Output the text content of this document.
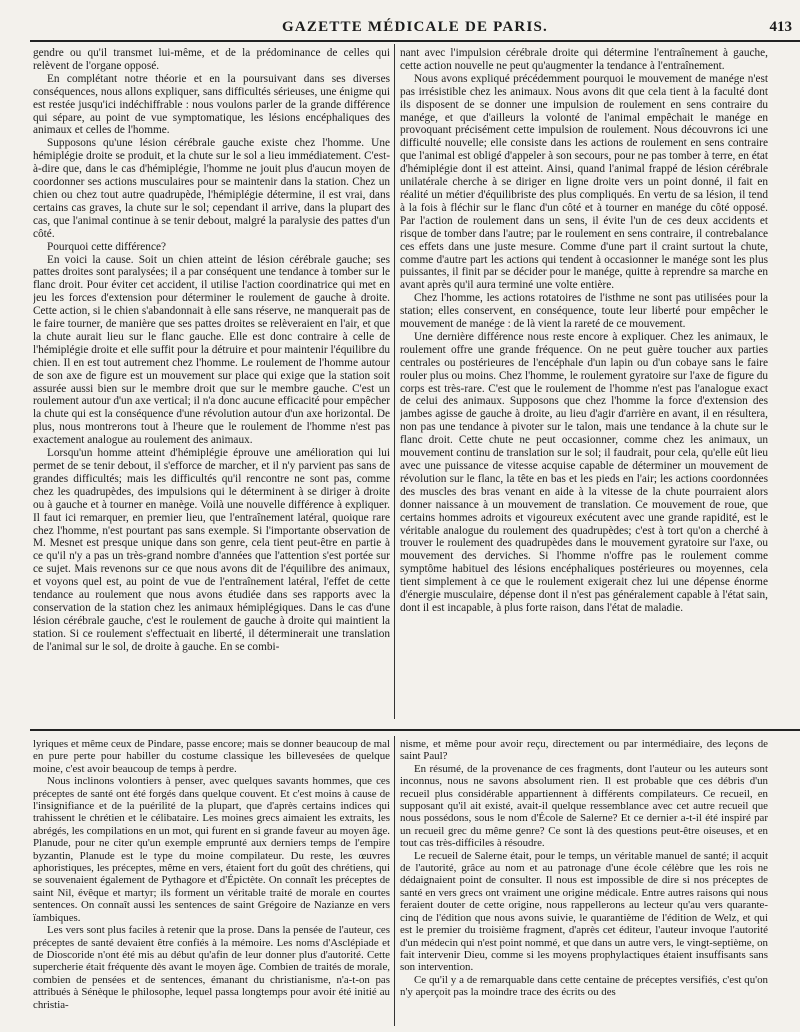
GAZETTE MÉDICALE DE PARIS.	413

gendre ou qu'il transmet lui-même, et de la prédominance de celles qui relèvent de l'organe opposé.

En complétant notre théorie et en la poursuivant dans ses diverses conséquences, nous allons expliquer, sans difficultés sérieuses, une énigme qui est restée jusqu'ici indéchiffrable : nous voulons parler de la grande différence qui sépare, au point de vue symptomatique, les lésions encéphaliques des animaux et celles de l'homme.

Supposons qu'une lésion cérébrale gauche existe chez l'homme. Une hémiplégie droite se produit, et la chute sur le sol a lieu immédiatement. C'est-à-dire que, dans le cas d'hémiplégie, l'homme ne jouit plus d'aucun moyen de coordonner ses actions musculaires pour se maintenir dans la station. Chez un chien ou chez tout autre quadrupède, l'hémiplégie détermine, il est vrai, dans certains cas graves, la chute sur le sol; cependant il arrive, dans la plupart des cas, que l'animal continue à se tenir debout, malgré la paralysie des pattes d'un côté.

Pourquoi cette différence?

En voici la cause. Soit un chien atteint de lésion cérébrale gauche; ses pattes droites sont paralysées; il a par conséquent une tendance à tomber sur le flanc droit. Pour éviter cet accident, il utilise l'action coordinatrice qui met en jeu les forces d'extension pour déterminer le roulement de gauche à droite. Cette action, si le chien s'abandonnait à elle sans réserve, ne manquerait pas de le faire tourner, de manière que ses pattes droites se relèveraient en l'air, et que la chute aurait lieu sur le flanc gauche. Elle est donc contraire à celle de l'hémiplégie droite et elle suffit pour la détruire et pour maintenir l'équilibre du chien. Il en est tout autrement chez l'homme. Le roulement de l'homme autour de son axe de figure est un mouvement sur place qui exige que la station soit assurée aussi bien sur le membre droit que sur le membre gauche. C'est un roulement autour d'un axe vertical; il n'a donc aucune efficacité pour empêcher la chute qui est la conséquence d'une révolution autour d'un axe horizontal. De plus, nous montrerons tout à l'heure que le roulement de l'homme n'est pas exactement analogue au roulement des animaux.

Lorsqu'un homme atteint d'hémiplégie éprouve une amélioration qui lui permet de se tenir debout, il s'efforce de marcher, et il n'y parvient pas sans de grandes difficultés; mais les difficultés qu'il rencontre ne sont pas, comme chez les quadrupèdes, des impulsions qui le déterminent à se diriger à droite ou à gauche et à tourner en manège. Voilà une nouvelle différence à expliquer. Il faut ici remarquer, en premier lieu, que l'entraînement latéral, quoique rare chez l'homme, n'est pourtant pas sans exemple. Si l'importante observation de M. Mesnet est presque unique dans son genre, cela tient peut-être en partie à ce qu'il n'y a pas un très-grand nombre d'années que l'attention s'est portée sur ce sujet. Mais revenons sur ce que nous avons dit de l'équilibre des animaux, et voyons quel est, au point de vue de l'entraînement latéral, l'effet de cette tendance au roulement que nous avons étudiée dans ses rapports avec la conservation de la station chez les animaux hémiplégiques. Dans le cas d'une lésion cérébrale gauche, c'est le roulement de gauche à droite qui maintient la station. Si ce roulement s'effectuait en liberté, il déterminerait une translation de l'animal sur le sol, de droite à gauche. En se combi-

nant avec l'impulsion cérébrale droite qui détermine l'entraînement à gauche, cette action nouvelle ne peut qu'augmenter la tendance à l'entraînement.

Nous avons expliqué précédemment pourquoi le mouvement de manége n'est pas irrésistible chez les animaux. Nous avons dit que cela tient à la faculté dont ils disposent de se donner une impulsion de roulement en sens contraire du manége, et que d'ailleurs la volonté de l'animal empêchait le manége en provoquant précisément cette impulsion de roulement. Nous découvrons ici une difficulté nouvelle; elle consiste dans les actions de roulement en sens contraire que l'animal est obligé d'appeler à son secours, pour ne pas tomber à terre, en état d'hémiplégie dont il est atteint. Ainsi, quand l'animal frappé de lésion cérébrale unilatérale cherche à se diriger en ligne droite vers un point donné, il fait en réalité un métier d'équilibriste des plus compliqués. En vertu de sa lésion, il tend à la fois à fléchir sur le flanc d'un côté et à tourner en manége du côté opposé. Par l'action de roulement dans un sens, il évite l'un de ces deux accidents et risque de tomber dans l'autre; par le roulement en sens contraire, il contrebalance ces effets dans une juste mesure. Comme d'une part il craint surtout la chute, comme d'autre part les actions qui tendent à occasionner le manége sont les plus puissantes, il finit par se décider pour le manége, quitte à reprendre sa marche en avant après qu'il aura terminé une volte entière.

Chez l'homme, les actions rotatoires de l'isthme ne sont pas utilisées pour la station; elles conservent, en conséquence, toute leur liberté pour empêcher le mouvement de manége : de là vient la rareté de ce mouvement.

Une dernière différence nous reste encore à expliquer. Chez les animaux, le roulement offre une grande fréquence. On ne peut guère toucher aux parties centrales ou postérieures de l'encéphale d'un lapin ou d'un cobaye sans le faire rouler plus ou moins. Chez l'homme, le roulement gyratoire sur l'axe de figure du corps est très-rare. C'est que le roulement de l'homme n'est pas l'analogue exact de celui des animaux. Supposons que chez l'homme la force d'extension des jambes agisse de gauche à droite, au lieu d'agir d'arrière en avant, il en résultera, non pas une tendance à pivoter sur le talon, mais une tendance à la chute sur le flanc droit. Cette chute ne peut occasionner, comme chez les animaux, un mouvement continu de translation sur le sol; il faudrait, pour cela, qu'elle eût lieu avec une puissance de vitesse acquise capable de déterminer un mouvement de révolution sur le flanc, la tête en bas et les pieds en l'air; les actions coordonnées des muscles des bras venant en aide à la vitesse de la chute pourraient alors donner naissance à un mouvement de translation. Ce mouvement de roue, que certains hommes adroits et vigoureux exécutent avec une grande rapidité, est le véritable analogue du roulement des quadrupèdes; c'est à tort qu'on a cherché à trouver le roulement des quadrupèdes dans le mouvement gyratoire sur l'axe, ou mouvement des derviches. Si l'homme n'offre pas le roulement comme symptôme habituel des lésions encéphaliques postérieures ou moyennes, cela tient simplement à ce que le roulement exigerait chez lui une dépense énorme d'énergie musculaire, dépense dont il n'est pas généralement capable à l'état sain, dont il est incapable, à plus forte raison, dans l'état de maladie.

lyriques et même ceux de Pindare, passe encore; mais se donner beaucoup de mal en pure perte pour habiller du costume classique les billevesées de quelque moine, c'est avoir beaucoup de temps à perdre.

Nous inclinons volontiers à penser, avec quelques savants hommes, que ces préceptes de santé ont été forgés dans quelque couvent. Et c'est moins à cause de l'insignifiance et de la puérilité de la plupart, que d'après certains indices qui trahissent le chrétien et le célibataire. Les moines grecs aimaient les extraits, les abrégés, les compilations en un mot, qui furent en si grande faveur au moyen âge. Planude, pour ne citer qu'un exemple emprunté aux derniers temps de l'empire byzantin, Planude est le type du moine compilateur. Du reste, les œuvres aphoristiques, les préceptes, même en vers, étaient fort du goût des chrétiens, qui se souvenaient également de Pythagore et d'Épictète. On connaît les préceptes de saint Nil, évêque et martyr; ils forment un véritable traité de morale en courtes sentences. On connaît aussi les sentences de saint Grégoire de Nazianze en vers ïambiques.

Les vers sont plus faciles à retenir que la prose. Dans la pensée de l'auteur, ces préceptes de santé devaient être confiés à la mémoire. Les noms d'Asclépiade et de Dioscoride n'ont été mis au début qu'afin de leur donner plus d'autorité. Cette supercherie était fréquente dès avant le moyen âge. Combien de traités de morale, combien de pensées et de sentences, émanant du christianisme, n'a-t-on pas attribués à Sénèque le philosophe, lequel passa longtemps pour avoir été initié au christia-

nisme, et même pour avoir reçu, directement ou par intermédiaire, des leçons de saint Paul?

En résumé, de la provenance de ces fragments, dont l'auteur ou les auteurs sont inconnus, nous ne savons absolument rien. Il est probable que ces débris d'un recueil plus considérable appartiennent à différents compilateurs. Ce recueil, en supposant qu'il ait existé, avait-il quelque ressemblance avec cet autre recueil que nous possédons, sous le nom d'École de Salerne? Et ce dernier a-t-il été inspiré par un recueil grec du même genre? Ce sont là des questions peut-être oiseuses, et en tout cas très-difficiles à résoudre.

Le recueil de Salerne était, pour le temps, un véritable manuel de santé; il acquit de l'autorité, grâce au nom et au patronage d'une école célèbre que les rois ne dédaignaient point de consulter. Il nous est impossible de dire si nos préceptes de santé en vers grecs ont vraiment une origine médicale. Entre autres raisons qui nous feraient douter de cette origine, nous rappellerons au lecteur qu'au vers quarante-cinq de l'édition que nous avons suivie, le quarantième de l'édition de Welz, et qui est le premier du troisième fragment, d'après cet éditeur, l'auteur invoque l'autorité d'un médecin qui n'est point nommé, et que dans un autre vers, le vingt-septième, on fait intervenir Dieu, comme si les moyens prophylactiques étaient insuffisants sans son intervention.

Ce qu'il y a de remarquable dans cette centaine de préceptes versifiés, c'est qu'on n'y aperçoit pas la moindre trace des écrits ou des
